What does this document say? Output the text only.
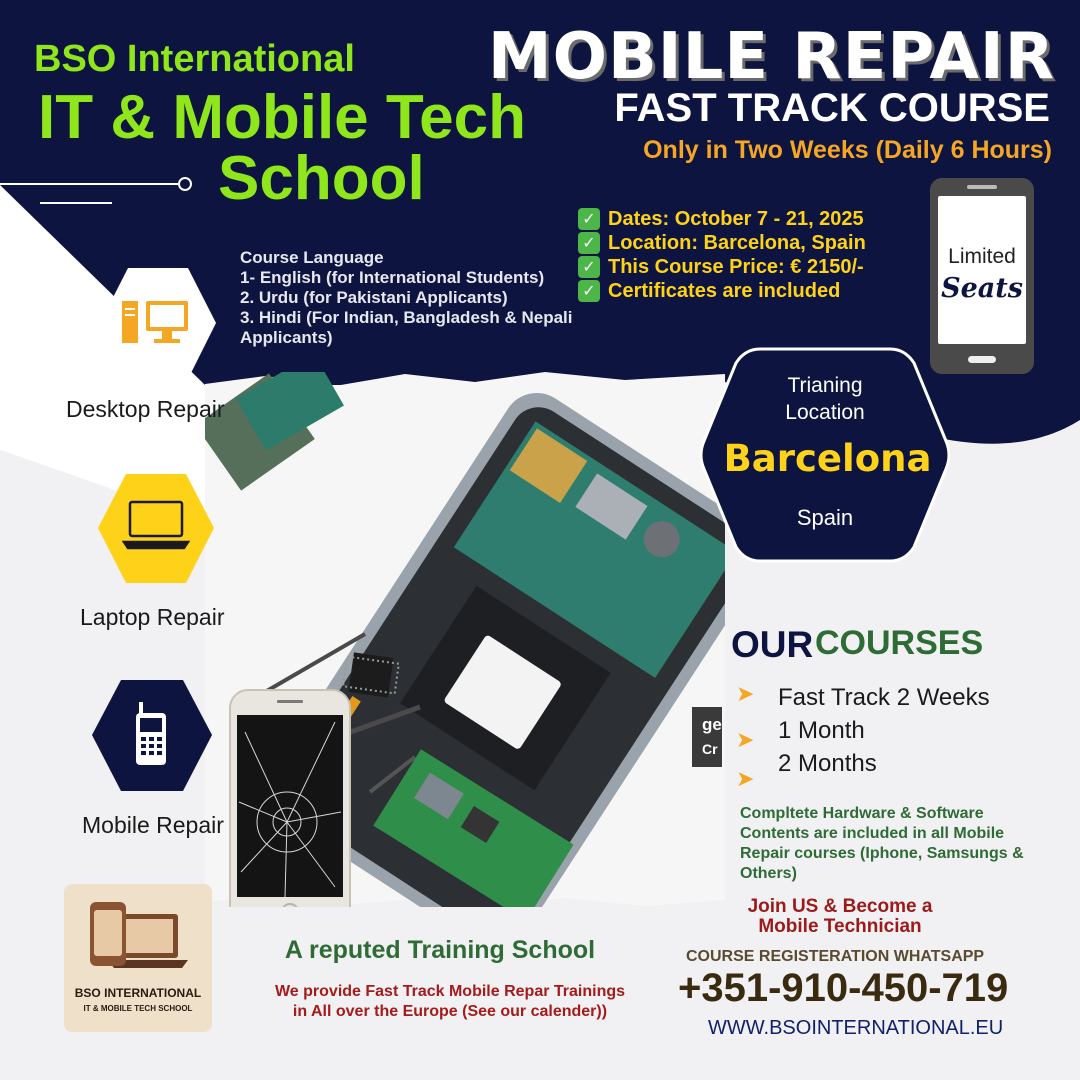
BSO International
IT & Mobile Tech
School
MOBILE REPAIR
FAST TRACK COURSE
Only in Two Weeks (Daily 6 Hours)
✓ Dates: October 7 - 21, 2025
✓ Location: Barcelona, Spain
✓ This Course Price: € 2150/-
✓ Certificates are included
Course Language
1- English (for International Students)
2. Urdu (for Pakistani Applicants)
3. Hindi (For Indian, Bangladesh & Nepali
Applicants)
Limited
Seats
ge
Cr
Trianing
Location
Barcelona
Spain
Desktop Repair
Laptop Repair
Mobile Repair
OUR COURSES
➤
➤
➤
Fast Track 2 Weeks
1 Month
2 Months
Compltete Hardware & Software Contents are included in all Mobile Repair courses (Iphone, Samsungs & Others)
Join US & Become a
Mobile Technician
COURSE REGISTERATION WHATSAPP
+351-910-450-719
WWW.BSOINTERNATIONAL.EU
A reputed Training School
We provide Fast Track Mobile Repar Trainings
in All over the Europe (See our calender))
BSO INTERNATIONAL
IT & MOBILE TECH SCHOOL
